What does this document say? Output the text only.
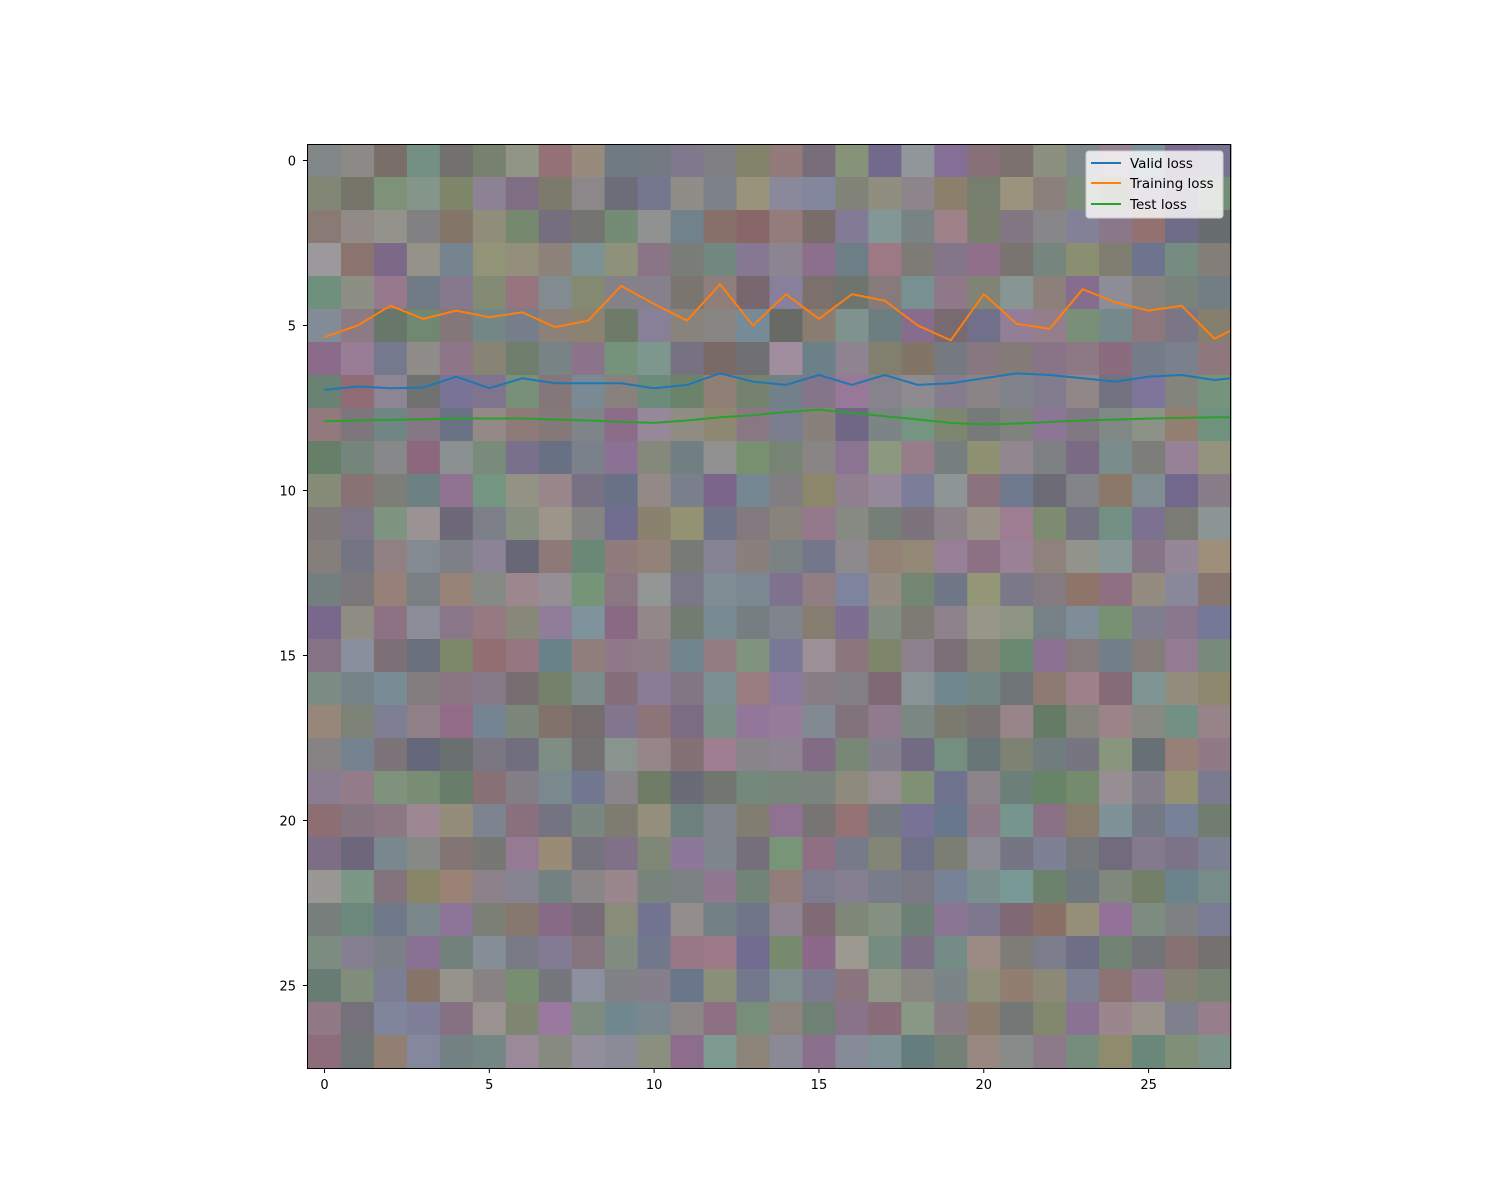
0	5	10	15	20	25
0
5
10
15
20
25
Valid loss
Training loss
Test loss
